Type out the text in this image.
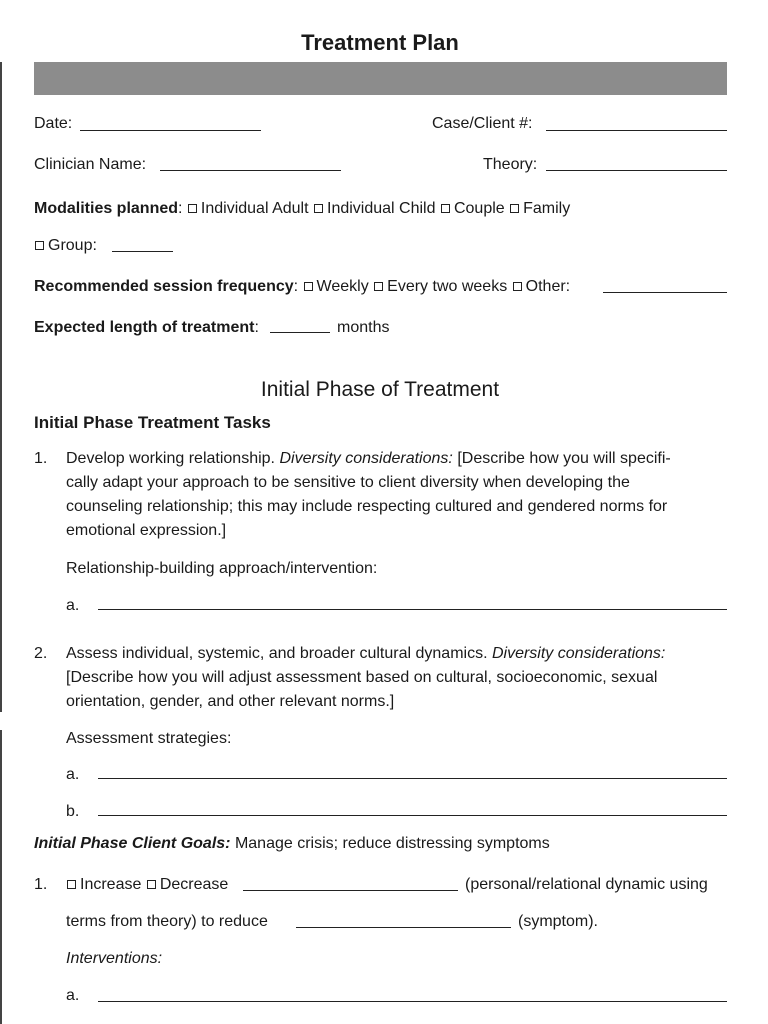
Treatment Plan
Date:	Case/Client #:
Clinician Name:	Theory:
Modalities planned: Individual Adult Individual Child Couple Family
Group:
Recommended session frequency: Weekly Every two weeks Other:
Expected length of treatment:	months
Initial Phase of Treatment
Initial Phase Treatment Tasks
1. Develop working relationship. Diversity considerations: [Describe how you will specifi-
cally adapt your approach to be sensitive to client diversity when developing the
counseling relationship; this may include respecting cultured and gendered norms for
emotional expression.]
Relationship-building approach/intervention:
a.
2. Assess individual, systemic, and broader cultural dynamics. Diversity considerations:
[Describe how you will adjust assessment based on cultural, socioeconomic, sexual
orientation, gender, and other relevant norms.]
Assessment strategies:
a.
b.
Initial Phase Client Goals: Manage crisis; reduce distressing symptoms
1.	Increase Decrease	(personal/relational dynamic using
terms from theory) to reduce	(symptom).
Interventions:
a.
